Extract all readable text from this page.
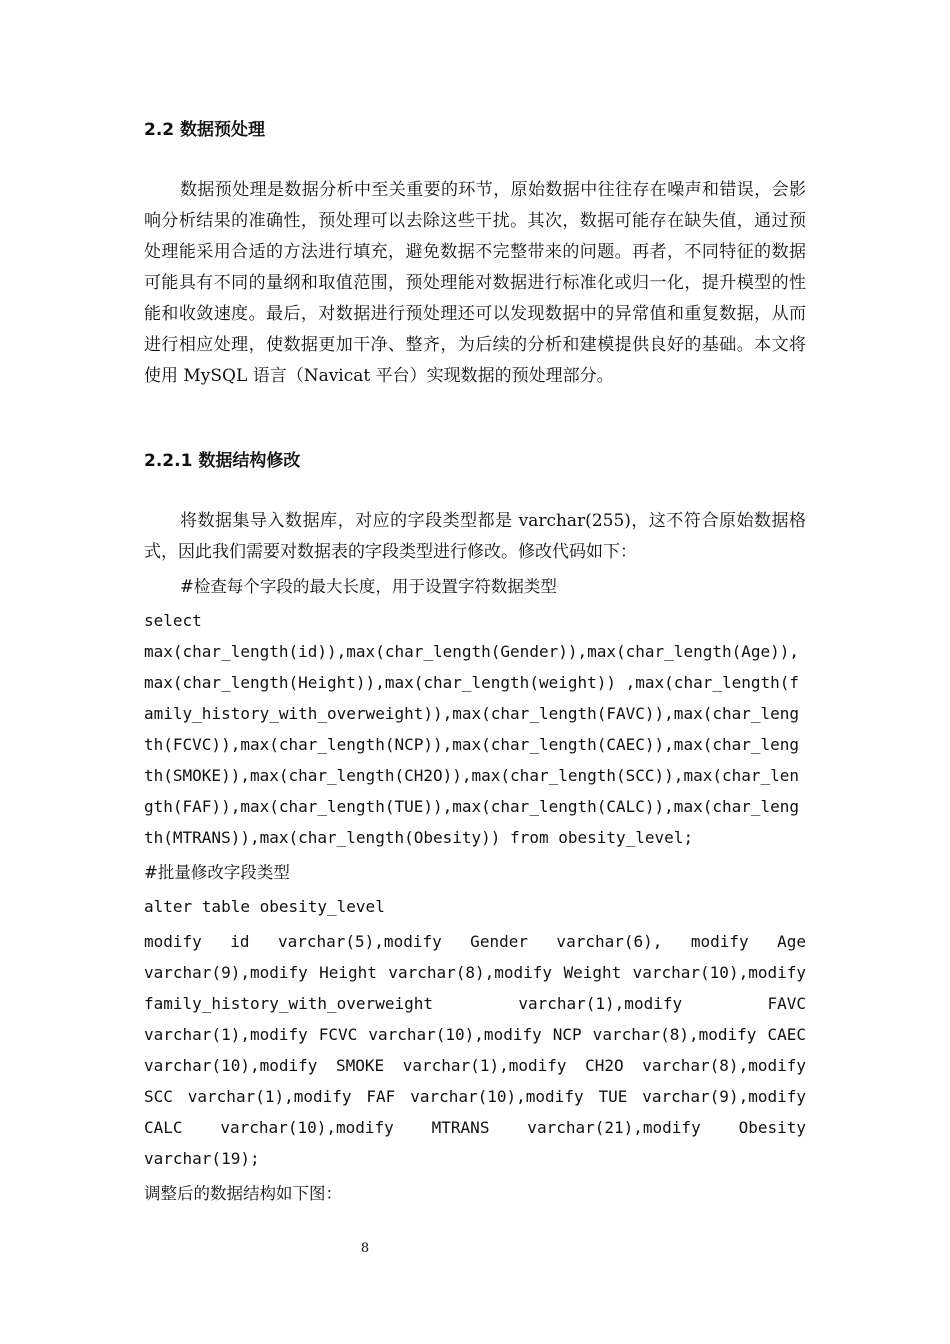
2.2 数据预处理
数据预处理是数据分析中至关重要的环节，原始数据中往往存在噪声和错误，会影响分析结果的准确性，预处理可以去除这些干扰。其次，数据可能存在缺失值，通过预处理能采用合适的方法进行填充，避免数据不完整带来的问题。再者，不同特征的数据可能具有不同的量纲和取值范围，预处理能对数据进行标准化或归一化，提升模型的性能和收敛速度。最后，对数据进行预处理还可以发现数据中的异常值和重复数据，从而进行相应处理，使数据更加干净、整齐，为后续的分析和建模提供良好的基础。本文将使用 MySQL 语言（Navicat 平台）实现数据的预处理部分。
2.2.1 数据结构修改
将数据集导入数据库，对应的字段类型都是 varchar(255)，这不符合原始数据格式，因此我们需要对数据表的字段类型进行修改。修改代码如下：
#检查每个字段的最大长度，用于设置字符数据类型
select
max(char_length(id)),max(char_length(Gender)),max(char_length(Age)),max(char_length(Height)),max(char_length(weight)) ,max(char_length(family_history_with_overweight)),max(char_length(FAVC)),max(char_length(FCVC)),max(char_length(NCP)),max(char_length(CAEC)),max(char_length(SMOKE)),max(char_length(CH2O)),max(char_length(SCC)),max(char_length(FAF)),max(char_length(TUE)),max(char_length(CALC)),max(char_length(MTRANS)),max(char_length(Obesity)) from obesity_level;
#批量修改字段类型
alter table obesity_level
modify id varchar(5),modify Gender varchar(6), modify Age varchar(9),modify Height varchar(8),modify Weight varchar(10),modify family_history_with_overweight varchar(1),modify FAVC varchar(1),modify FCVC varchar(10),modify NCP varchar(8),modify CAEC varchar(10),modify SMOKE varchar(1),modify CH2O varchar(8),modify SCC varchar(1),modify FAF varchar(10),modify TUE varchar(9),modify CALC varchar(10),modify MTRANS varchar(21),modify Obesity varchar(19);
调整后的数据结构如下图：
8
